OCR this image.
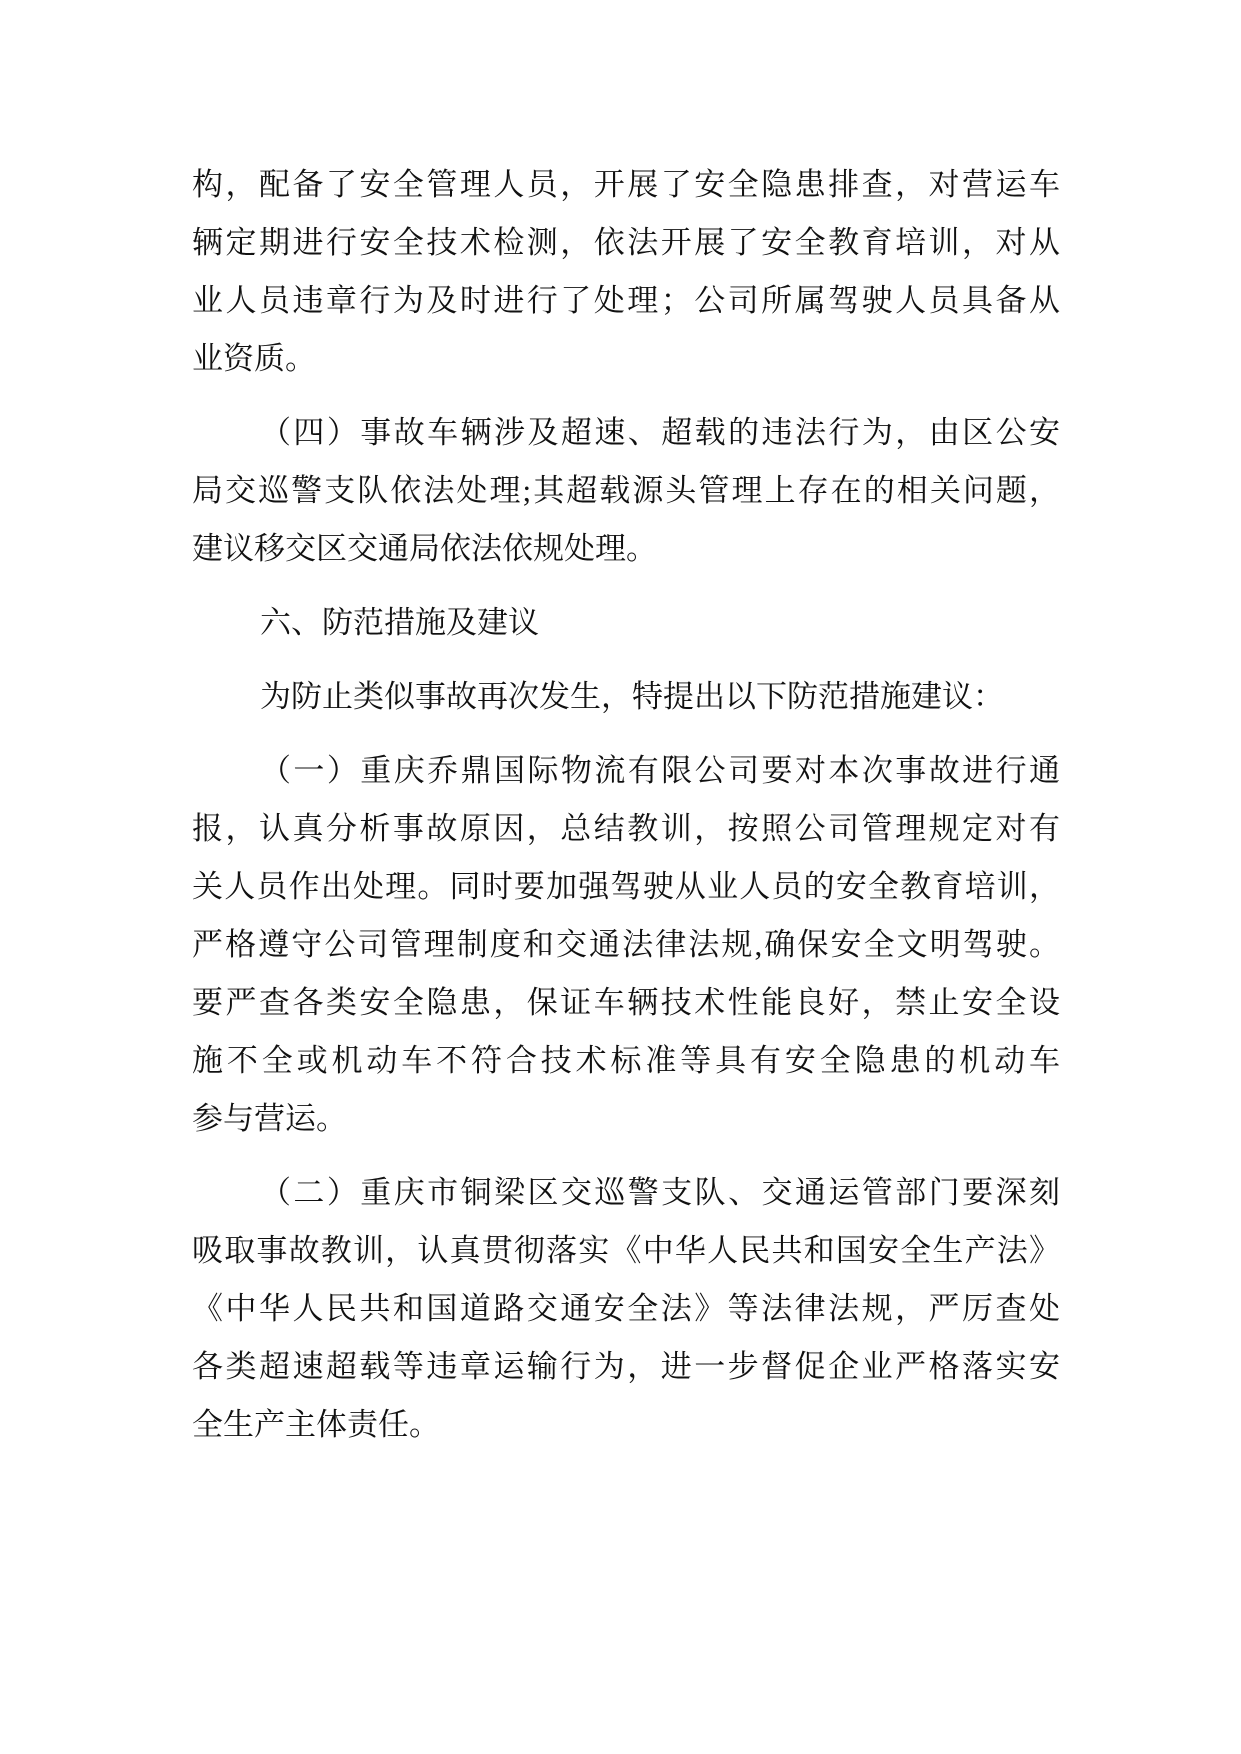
构，配备了安全管理人员，开展了安全隐患排查，对营运车
辆定期进行安全技术检测，依法开展了安全教育培训，对从
业人员违章行为及时进行了处理；公司所属驾驶人员具备从
业资质。
（四）事故车辆涉及超速、超载的违法行为，由区公安
局交巡警支队依法处理;其超载源头管理上存在的相关问题，
建议移交区交通局依法依规处理。
六、防范措施及建议
为防止类似事故再次发生，特提出以下防范措施建议：
（一）重庆乔鼎国际物流有限公司要对本次事故进行通
报，认真分析事故原因，总结教训，按照公司管理规定对有
关人员作出处理。同时要加强驾驶从业人员的安全教育培训，
严格遵守公司管理制度和交通法律法规,确保安全文明驾驶。
要严查各类安全隐患，保证车辆技术性能良好，禁止安全设
施不全或机动车不符合技术标准等具有安全隐患的机动车
参与营运。
（二）重庆市铜梁区交巡警支队、交通运管部门要深刻
吸取事故教训，认真贯彻落实《中华人民共和国安全生产法》
《中华人民共和国道路交通安全法》等法律法规，严厉查处
各类超速超载等违章运输行为，进一步督促企业严格落实安
全生产主体责任。
